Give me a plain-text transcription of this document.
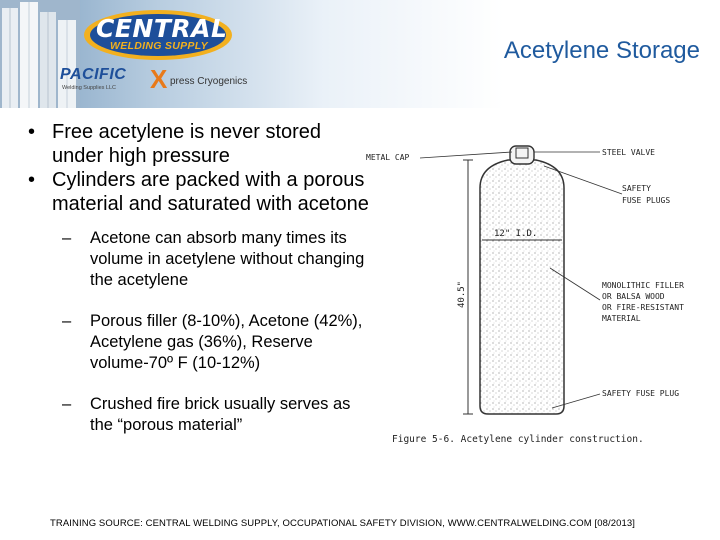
CENTRAL
WELDING SUPPLY
PACIFIC
Welding Supplies LLC X press Cryogenics
Acetylene Storage
• Free acetylene is never stored under high pressure
• Cylinders are packed with a porous material and saturated with acetone
– Acetone can absorb many times its volume in acetylene without changing the acetylene
– Porous filler (8-10%), Acetone (42%), Acetylene gas (36%), Reserve volume-70º F (10-12%)
– Crushed fire brick usually serves as the “porous material”
METAL CAP
STEEL VALVE
SAFETY
FUSE PLUGS
12" I.D.
40.5"	MONOLITHIC FILLER
OR BALSA WOOD
OR FIRE-RESISTANT
MATERIAL
SAFETY FUSE PLUG
Figure 5-6. Acetylene cylinder construction.
TRAINING SOURCE: CENTRAL WELDING SUPPLY, OCCUPATIONAL SAFETY DIVISION, WWW.CENTRALWELDING.COM [08/2013]
